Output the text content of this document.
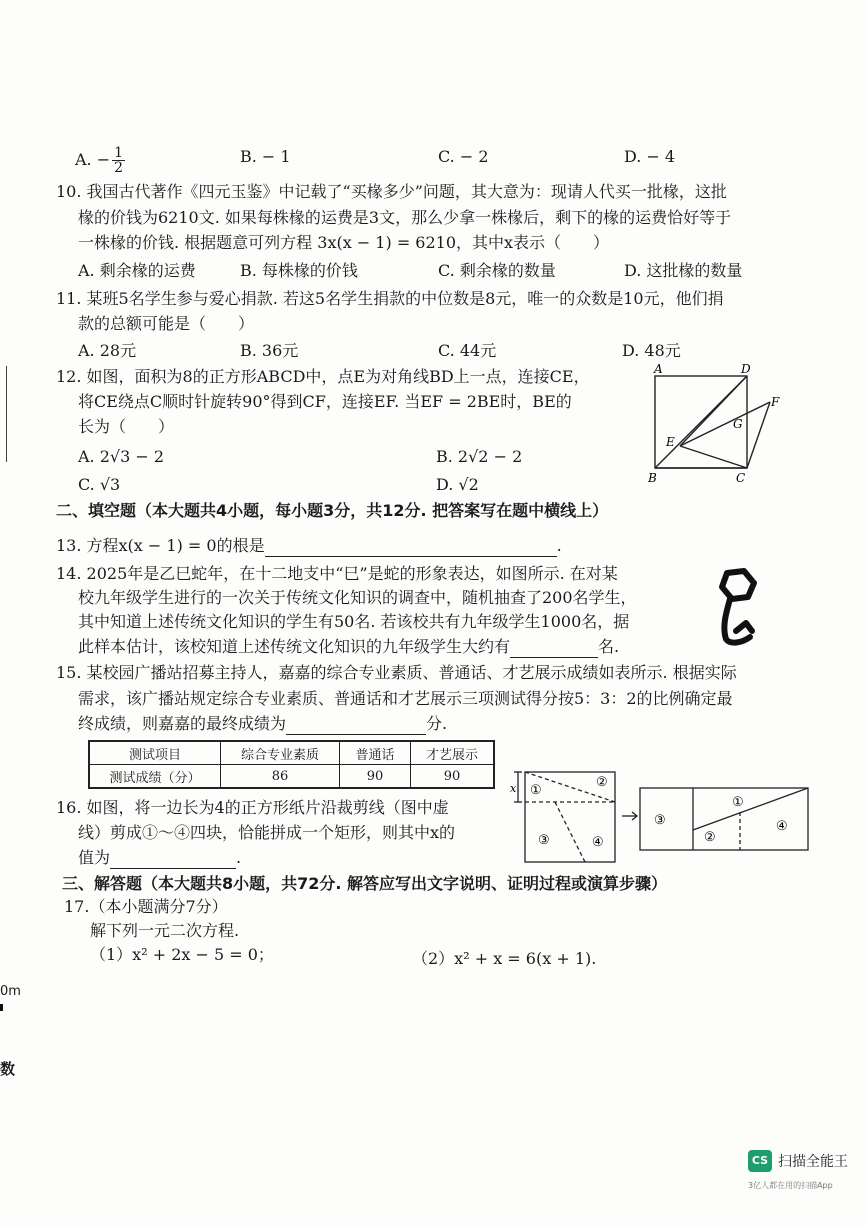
A. − $\frac{1}{2}$	B. − 1	C. − 2	D. − 4
10. 我国古代著作《四元玉鉴》中记载了“买椽多少”问题，其大意为：现请人代买一批椽，这批
椽的价钱为6210文. 如果每株椽的运费是3文，那么少拿一株椽后，剩下的椽的运费恰好等于
一株椽的价钱. 根据题意可列方程 3x(x − 1) = 6210，其中x表示（　　）
A. 剩余椽的运费	B. 每株椽的价钱	C. 剩余椽的数量	D. 这批椽的数量
11. 某班5名学生参与爱心捐款. 若这5名学生捐款的中位数是8元，唯一的众数是10元，他们捐
款的总额可能是（　　）
A. 28元	B. 36元	C. 44元	D. 48元
12. 如图，面积为8的正方形ABCD中，点E为对角线BD上一点，连接CE，
将CE绕点C顺时针旋转90°得到CF，连接EF. 当EF = 2BE时，BE的
长为（　　）
A. 2√3 − 2	B. 2√2 − 2
C. √3	D. √2
A	D
F
G
E
B	C
二、填空题（本大题共4小题，每小题3分，共12分. 把答案写在题中横线上）
13. 方程x(x − 1) = 0的根是	.
14. 2025年是乙巳蛇年，在十二地支中“巳”是蛇的形象表达，如图所示. 在对某
校九年级学生进行的一次关于传统文化知识的调查中，随机抽查了200名学生，
其中知道上述传统文化知识的学生有50名. 若该校共有九年级学生1000名，据
此样本估计，该校知道上述传统文化知识的九年级学生大约有	名.
15. 某校园广播站招募主持人，嘉嘉的综合专业素质、普通话、才艺展示成绩如表所示. 根据实际
需求，该广播站规定综合专业素质、普通话和才艺展示三项测试得分按5：3：2的比例确定最
终成绩，则嘉嘉的最终成绩为	分.
测试项目	综合专业素质	普通话	才艺展示
测试成绩（分）	86	90	90
16. 如图，将一边长为4的正方形纸片沿裁剪线（图中虚
线）剪成①～④四块，恰能拼成一个矩形，则其中x的
值为	.
x ①
②
③	④
①
②
③	④
三、解答题（本大题共8小题，共72分. 解答应写出文字说明、证明过程或演算步骤）
17.（本小题满分7分）
解下列一元二次方程.
（1）x² + 2x − 5 = 0；	（2）x² + x = 6(x + 1).
0m
数
CS 扫描全能王
3亿人都在用的扫描App
